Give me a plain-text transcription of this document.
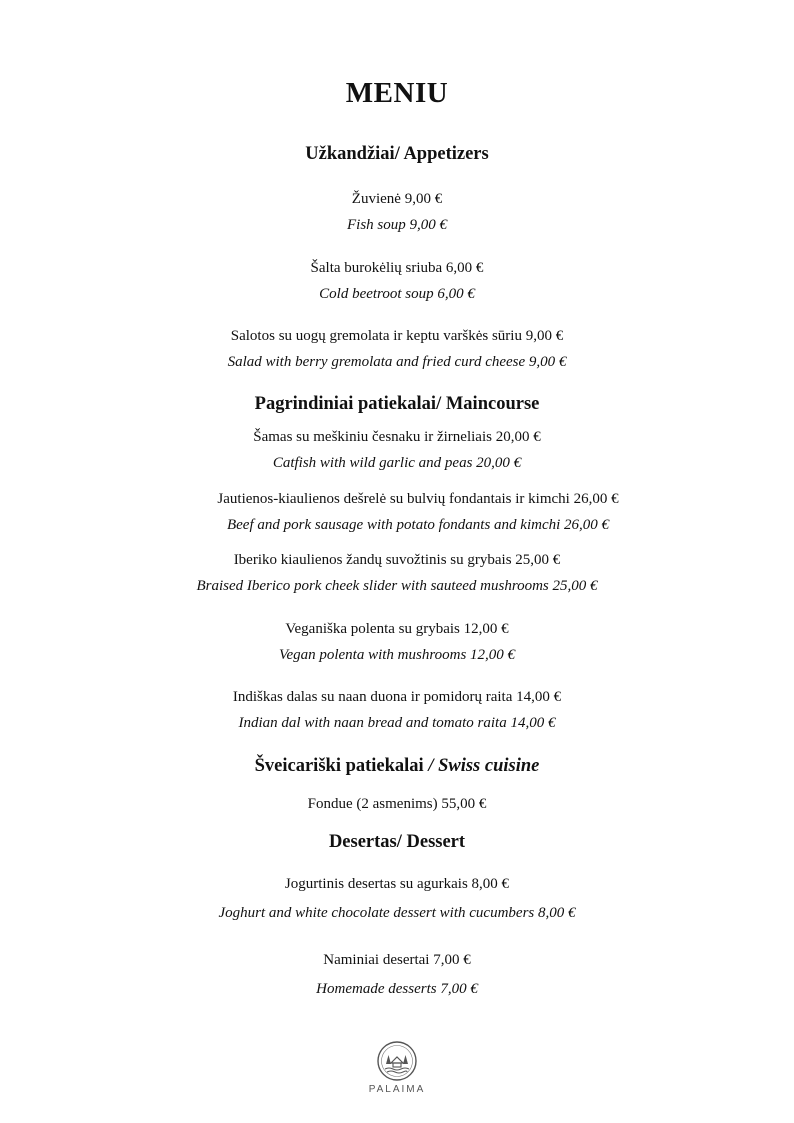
MENIU
Užkandžiai/ Appetizers
Žuvienė 9,00 €
Fish soup 9,00 €
Šalta burokėlių sriuba 6,00 €
Cold beetroot soup 6,00 €
Salotos su uogų gremolata ir keptu varškės sūriu 9,00 €
Salad with berry gremolata and fried curd cheese 9,00 €
Pagrindiniai patiekalai/ Maincourse
Šamas su meškiniu česnaku ir žirneliais 20,00 €
Catfish with wild garlic and peas 20,00 €
Jautienos-kiaulienos dešrelė su bulvių fondantais ir kimchi 26,00 €
Beef and pork sausage with potato fondants and kimchi 26,00 €
Iberiko kiaulienos žandų suvožtinis su grybais 25,00 €
Braised Iberico pork cheek slider with sauteed mushrooms 25,00 €
Veganiška polenta su grybais 12,00 €
Vegan polenta with mushrooms 12,00 €
Indiškas dalas su naan duona ir pomidorų raita 14,00 €
Indian dal with naan bread and tomato raita 14,00 €
Šveicariški patiekalai / Swiss cuisine
Fondue (2 asmenims) 55,00 €
Desertas/ Dessert
Jogurtinis desertas su agurkais 8,00 €
Joghurt and white chocolate dessert with cucumbers 8,00 €
Naminiai desertai 7,00 €
Homemade desserts 7,00 €
PALAIMA
